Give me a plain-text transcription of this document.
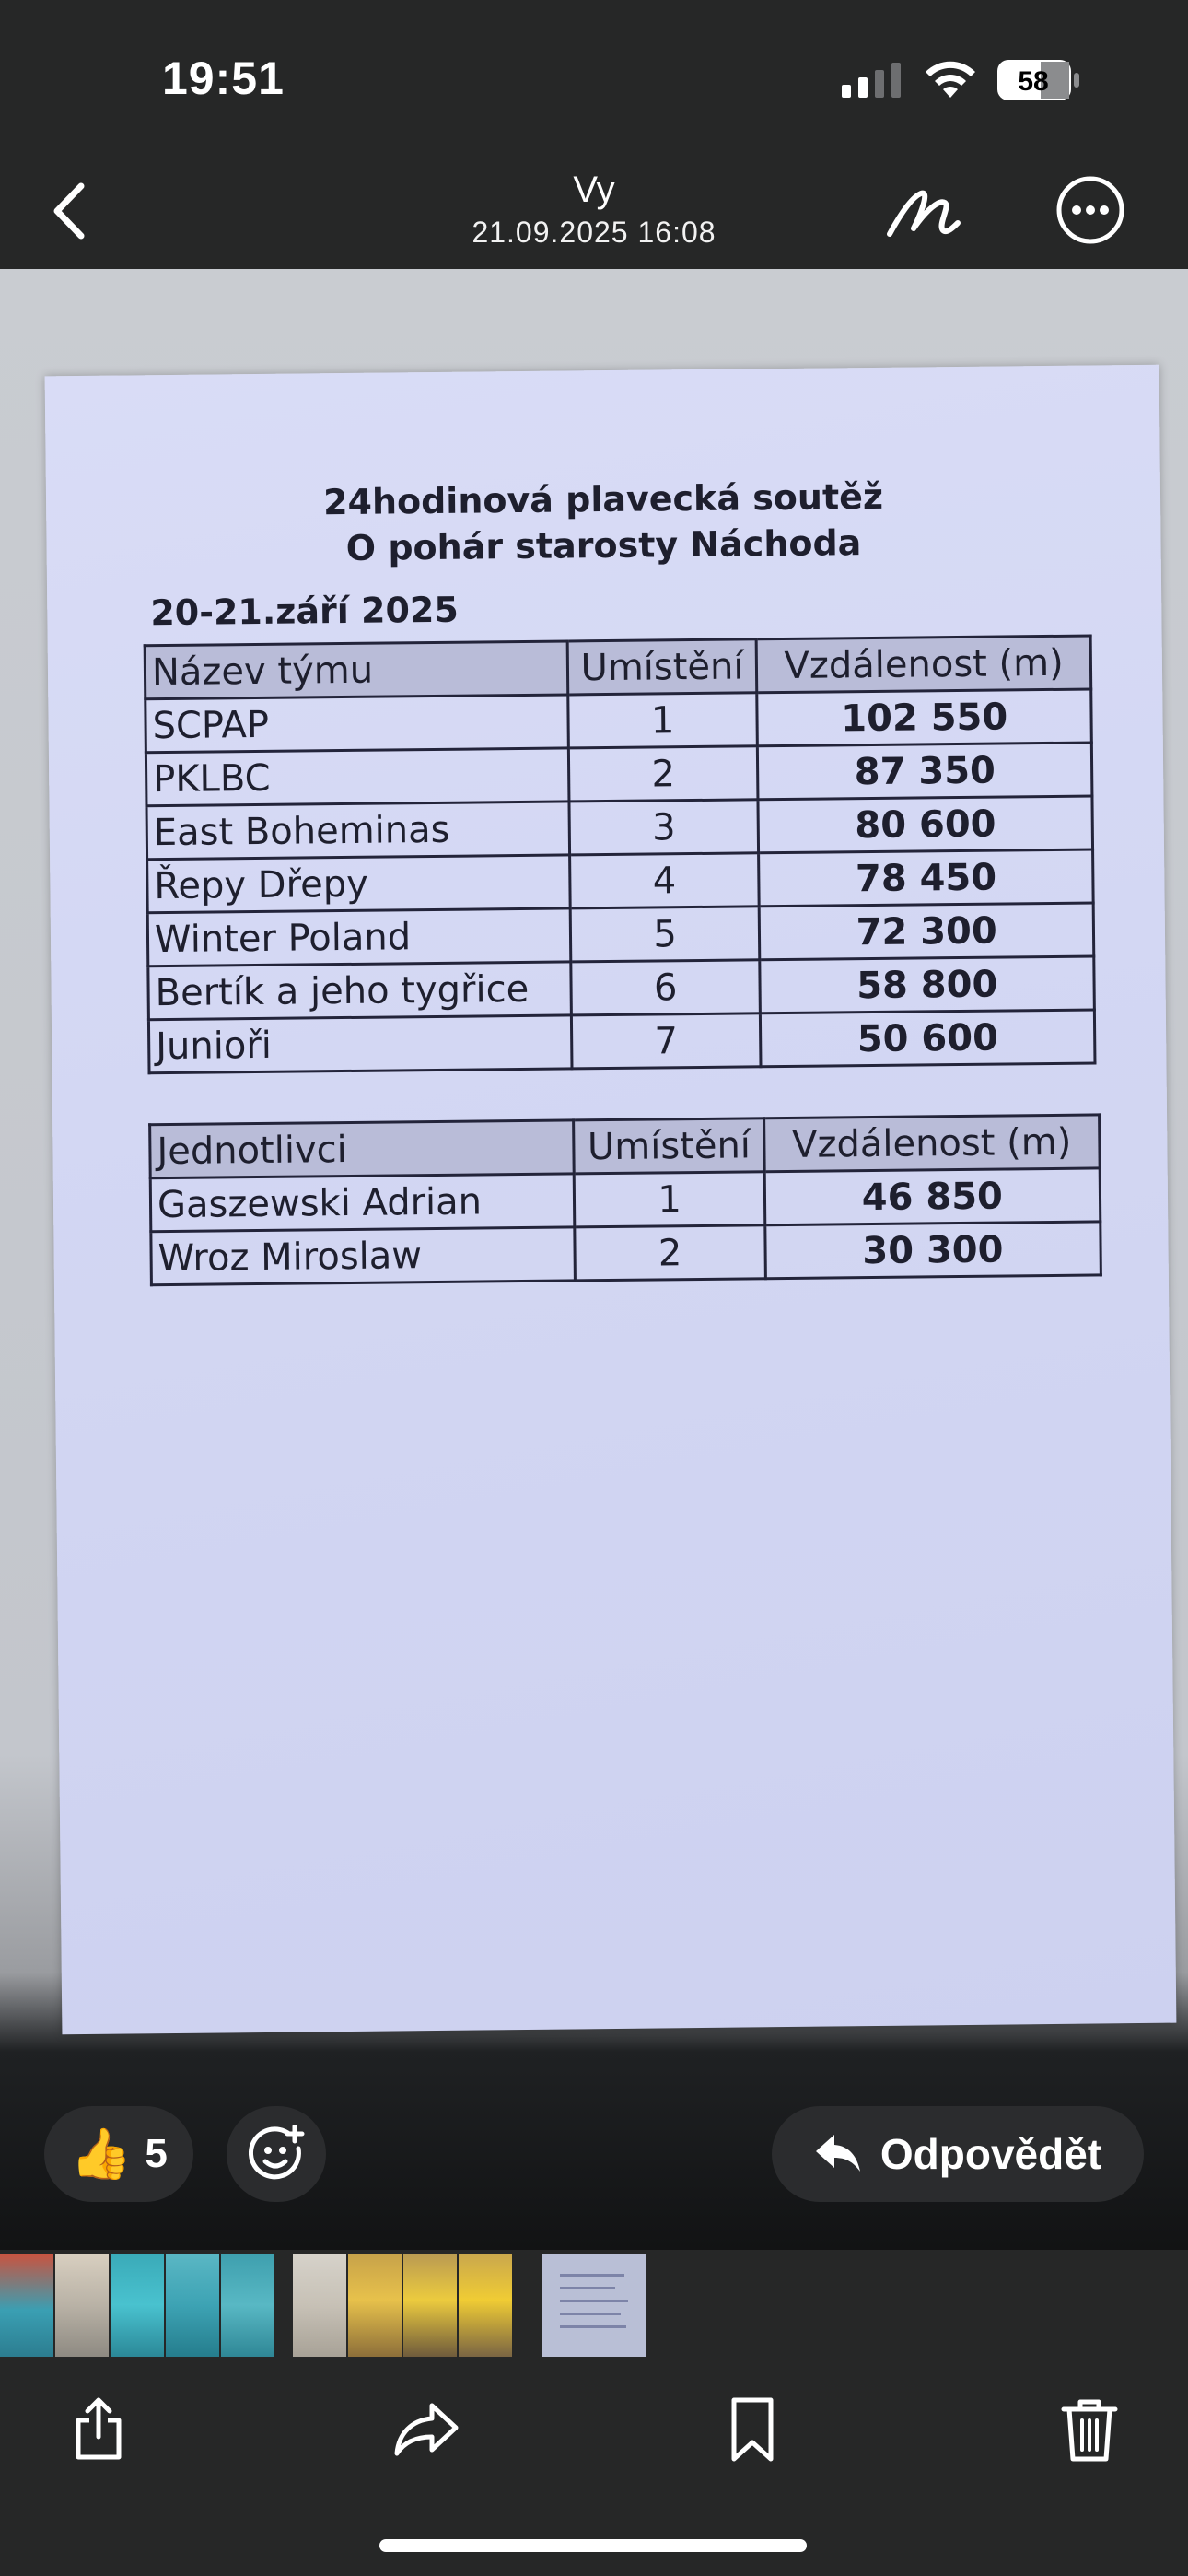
19:51	58
Vy
21.09.2025 16:08
24hodinová plavecká soutěž
O pohár starosty Náchoda
20-21.září 2025
Název týmu	Umístění	Vzdálenost (m)
SCPAP	1	102 550
PKLBC	2	87 350
East Boheminas	3	80 600
Řepy Dřepy	4	78 450
Winter Poland	5	72 300
Bertík a jeho tygřice	6	58 800
Junioři	7	50 600
Jednotlivci	Umístění	Vzdálenost (m)
Gaszewski Adrian	1	46 850
Wroz Miroslaw	2	30 300
👍 5	Odpovědět
